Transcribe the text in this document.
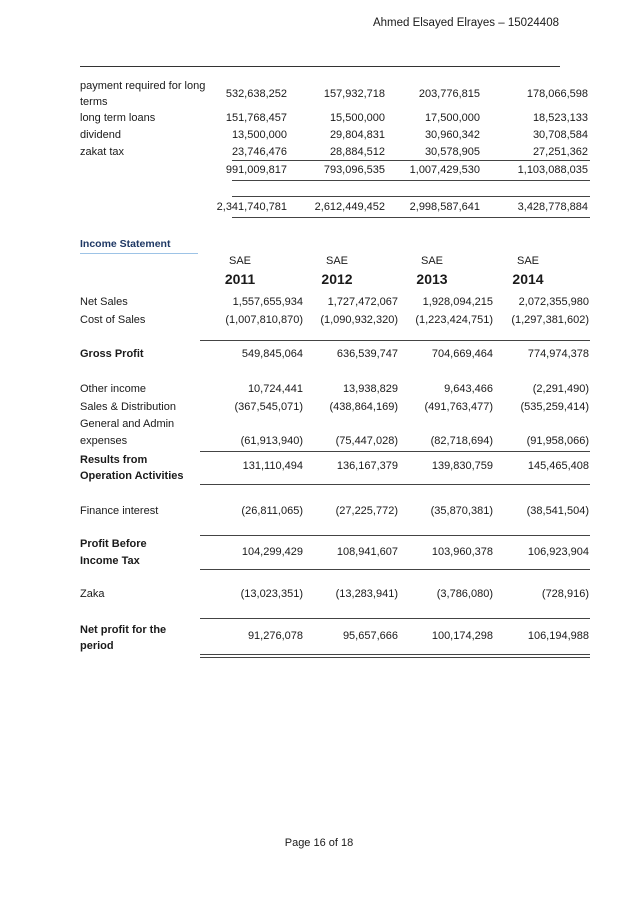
Ahmed Elsayed Elrayes – 15024408
payment required for long terms
532,638,252	157,932,718	203,776,815	178,066,598
long term loans	151,768,457	15,500,000	17,500,000	18,523,133
dividend	13,500,000	29,804,831	30,960,342	30,708,584
zakat tax	23,746,476	28,884,512	30,578,905	27,251,362
991,009,817	793,096,535 1,007,429,530	1,103,088,035
2,341,740,781	2,612,449,452 2,998,587,641	3,428,778,884
Income Statement
SAE	SAE	SAE	SAE
2011	2012	2013	2014
Net Sales	1,557,655,934 1,727,472,067 1,928,094,215 2,072,355,980
Cost of Sales	(1,007,810,870) (1,090,932,320) (1,223,424,751) (1,297,381,602)
Gross Profit	549,845,064	636,539,747	704,669,464	774,974,378
Other income	10,724,441	13,938,829	9,643,466	(2,291,490)
Sales & Distribution	(367,545,071) (438,864,169) (491,763,477)	(535,259,414)
General and Admin
expenses	(61,913,940)	(75,447,028)	(82,718,694)	(91,958,066)
Results from
Operation Activities
131,110,494	136,167,379	139,830,759	145,465,408
Finance interest	(26,811,065)	(27,225,772)	(35,870,381)	(38,541,504)
Profit Before
Income Tax
104,299,429	108,941,607	103,960,378	106,923,904
Zaka	(13,023,351)	(13,283,941)	(3,786,080)	(728,916)
Net profit for the
period
91,276,078	95,657,666	100,174,298	106,194,988
Page 16 of 18
